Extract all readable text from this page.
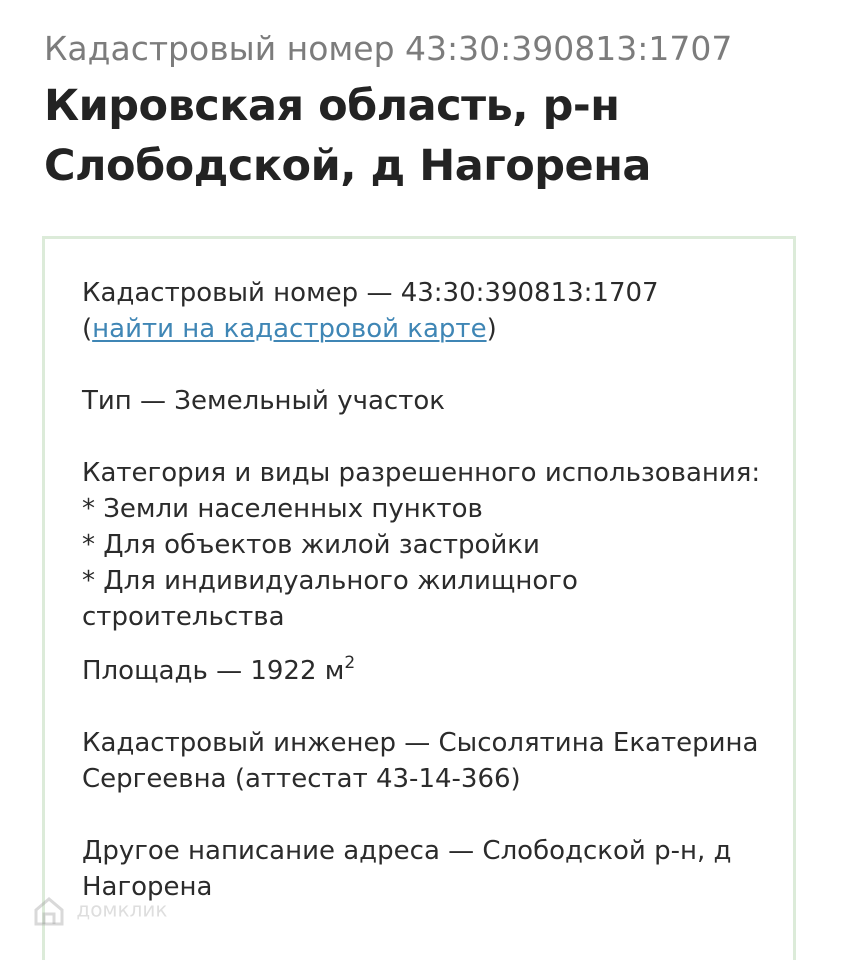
Кадастровый номер 43:30:390813:1707
Кировская область, р-н Слободской, д Нагорена

Кадастровый номер — 43:30:390813:1707
(найти на кадастровой карте)

Тип — Земельный участок

Категория и виды разрешенного использования:

* Земли населенных пунктов

* Для объектов жилой застройки

* Для индивидуального жилищного строительства

Площадь — 1922 $м^2$

Кадастровый инженер — Сысолятина Екатерина Сергеевна (аттестат 43-14-366)

Другое написание адреса — Слободской р-н, д Нагорена

домклик
